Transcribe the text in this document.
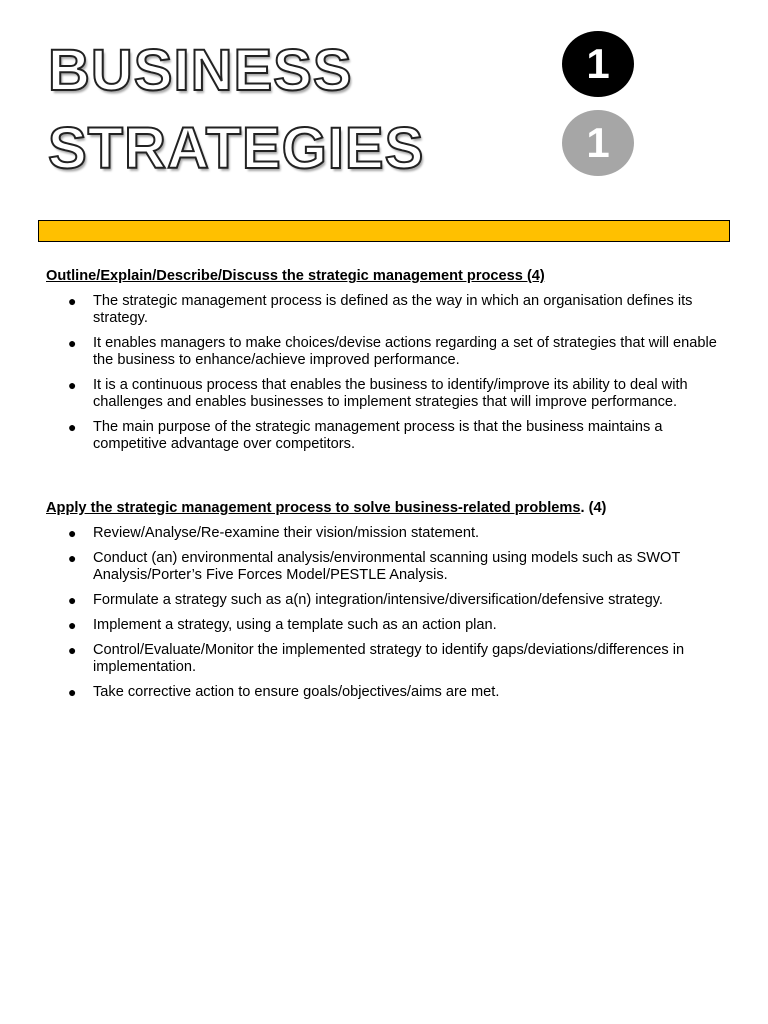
BUSINESS
STRATEGIES
1
1

Outline/Explain/Describe/Discuss the strategic management process (4)

● The strategic management process is defined as the way in which an organisation defines its strategy.
● It enables managers to make choices/devise actions regarding a set of strategies that will enable the business to enhance/achieve improved performance.
● It is a continuous process that enables the business to identify/improve its ability to deal with challenges and enables businesses to implement strategies that will improve performance.
● The main purpose of the strategic management process is that the business maintains a competitive advantage over competitors.

Apply the strategic management process to solve business-related problems. (4)

● Review/Analyse/Re-examine their vision/mission statement.
● Conduct (an) environmental analysis/environmental scanning using models such as SWOT Analysis/Porter’s Five Forces Model/PESTLE Analysis.
● Formulate a strategy such as a(n) integration/intensive/diversification/defensive strategy.
● Implement a strategy, using a template such as an action plan.
● Control/Evaluate/Monitor the implemented strategy to identify gaps/deviations/differences in implementation.
● Take corrective action to ensure goals/objectives/aims are met.
